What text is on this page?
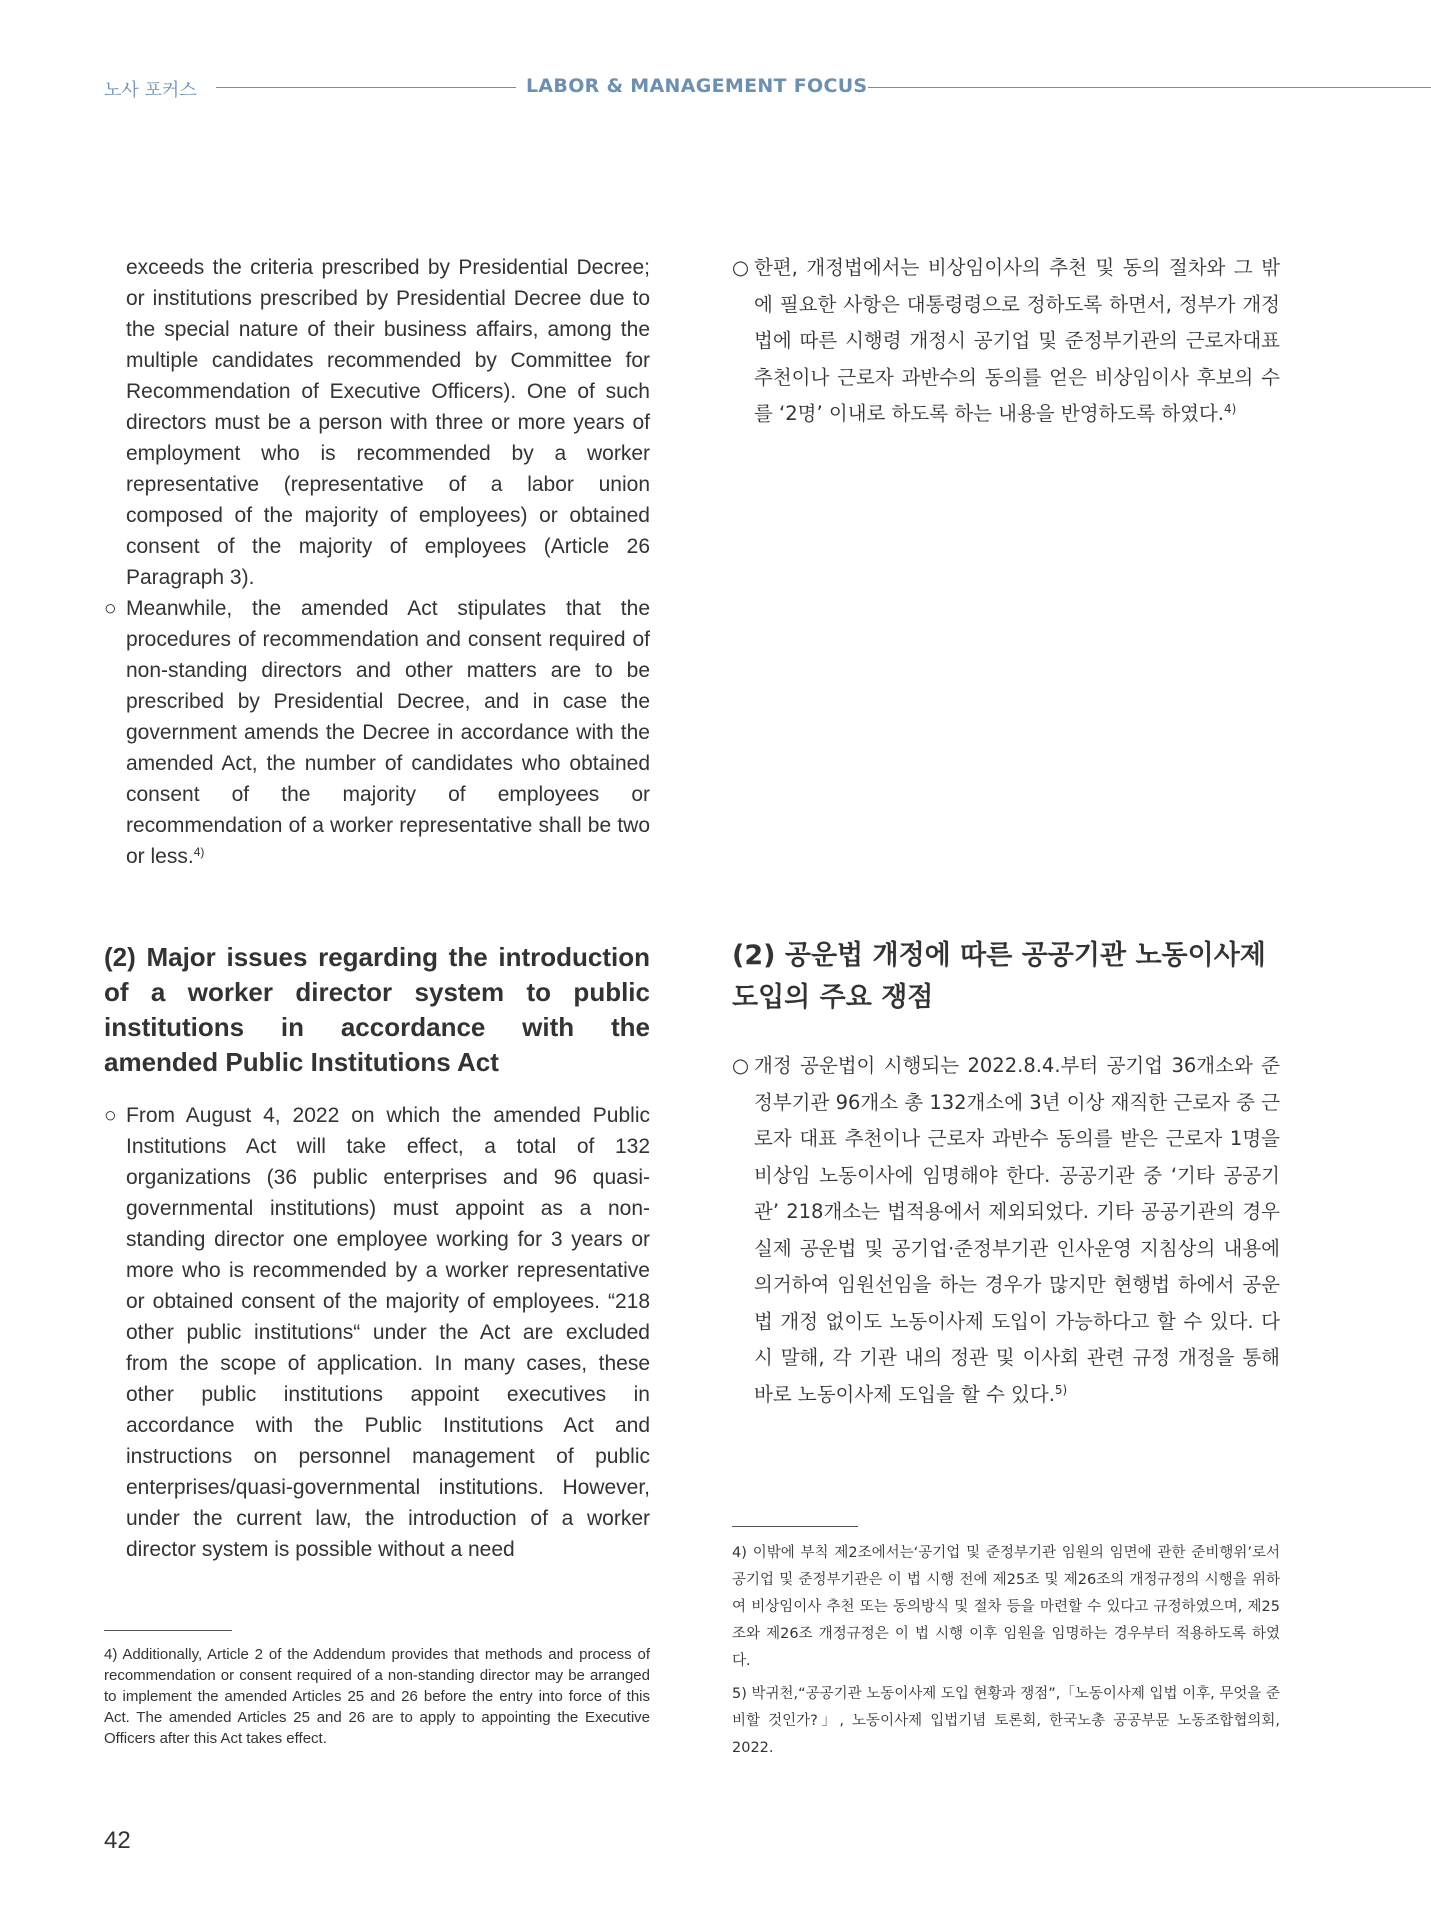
노사 포커스	LABOR & MANAGEMENT FOCUS

exceeds the criteria prescribed by Presidential Decree; or institutions prescribed by Presidential Decree due to the special nature of their business affairs, among the multiple candidates recommended by Committee for Recommendation of Executive Officers). One of such directors must be a person with three or more years of employment who is recommended by a worker representative (representative of a labor union composed of the majority of employees) or obtained consent of the majority of employees (Article 26 Paragraph 3).

○ Meanwhile, the amended Act stipulates that the procedures of recommendation and consent required of non-standing directors and other matters are to be prescribed by Presidential Decree, and in case the government amends the Decree in accordance with the amended Act, the number of candidates who obtained consent of the majority of employees or recommendation of a worker representative shall be two or less.$^{4)}$

(2) Major issues regarding the introduction of a worker director system to public institutions in accordance with the amended Public Institutions Act

○ From August 4, 2022 on which the amended Public Institutions Act will take effect, a total of 132 organizations (36 public enterprises and 96 quasi-governmental institutions) must appoint as a non-standing director one employee working for 3 years or more who is recommended by a worker representative or obtained consent of the majority of employees. “218 other public institutions“ under the Act are excluded from the scope of application. In many cases, these other public institutions appoint executives in accordance with the Public Institutions Act and instructions on personnel management of public enterprises/quasi-governmental institutions. However, under the current law, the introduction of a worker director system is possible without a need

4) Additionally, Article 2 of the Addendum provides that methods and process of recommendation or consent required of a non-standing director may be arranged to implement the amended Articles 25 and 26 before the entry into force of this Act. The amended Articles 25 and 26 are to apply to appointing the Executive Officers after this Act takes effect.

○ 한편, 개정법에서는 비상임이사의 추천 및 동의 절차와 그 밖에 필요한 사항은 대통령령으로 정하도록 하면서, 정부가 개정법에 따른 시행령 개정시 공기업 및 준정부기관의 근로자대표 추천이나 근로자 과반수의 동의를 얻은 비상임이사 후보의 수를 ‘2명’ 이내로 하도록 하는 내용을 반영하도록 하였다.$^{4)}$

(2) 공운법 개정에 따른 공공기관 노동이사제 도입의 주요 쟁점

○ 개정 공운법이 시행되는 2022.8.4.부터 공기업 36개소와 준정부기관 96개소 총 132개소에 3년 이상 재직한 근로자 중 근로자 대표 추천이나 근로자 과반수 동의를 받은 근로자 1명을 비상임 노동이사에 임명해야 한다. 공공기관 중 ‘기타 공공기관’ 218개소는 법적용에서 제외되었다. 기타 공공기관의 경우 실제 공운법 및 공기업·준정부기관 인사운영 지침상의 내용에 의거하여 임원선임을 하는 경우가 많지만 현행법 하에서 공운법 개정 없이도 노동이사제 도입이 가능하다고 할 수 있다. 다시 말해, 각 기관 내의 정관 및 이사회 관련 규정 개정을 통해 바로 노동이사제 도입을 할 수 있다.$^{5)}$

4) 이밖에 부칙 제2조에서는‘공기업 및 준정부기관 임원의 임면에 관한 준비행위’로서 공기업 및 준정부기관은 이 법 시행 전에 제25조 및 제26조의 개정규정의 시행을 위하여 비상임이사 추천 또는 동의방식 및 절차 등을 마련할 수 있다고 규정하였으며, 제25조와 제26조 개정규정은 이 법 시행 이후 임원을 임명하는 경우부터 적용하도록 하였다.

5) 박귀천,“공공기관 노동이사제 도입 현황과 쟁점”,「노동이사제 입법 이후, 무엇을 준비할 것인가?」, 노동이사제 입법기념 토론회, 한국노총 공공부문 노동조합협의회, 2022.

42
